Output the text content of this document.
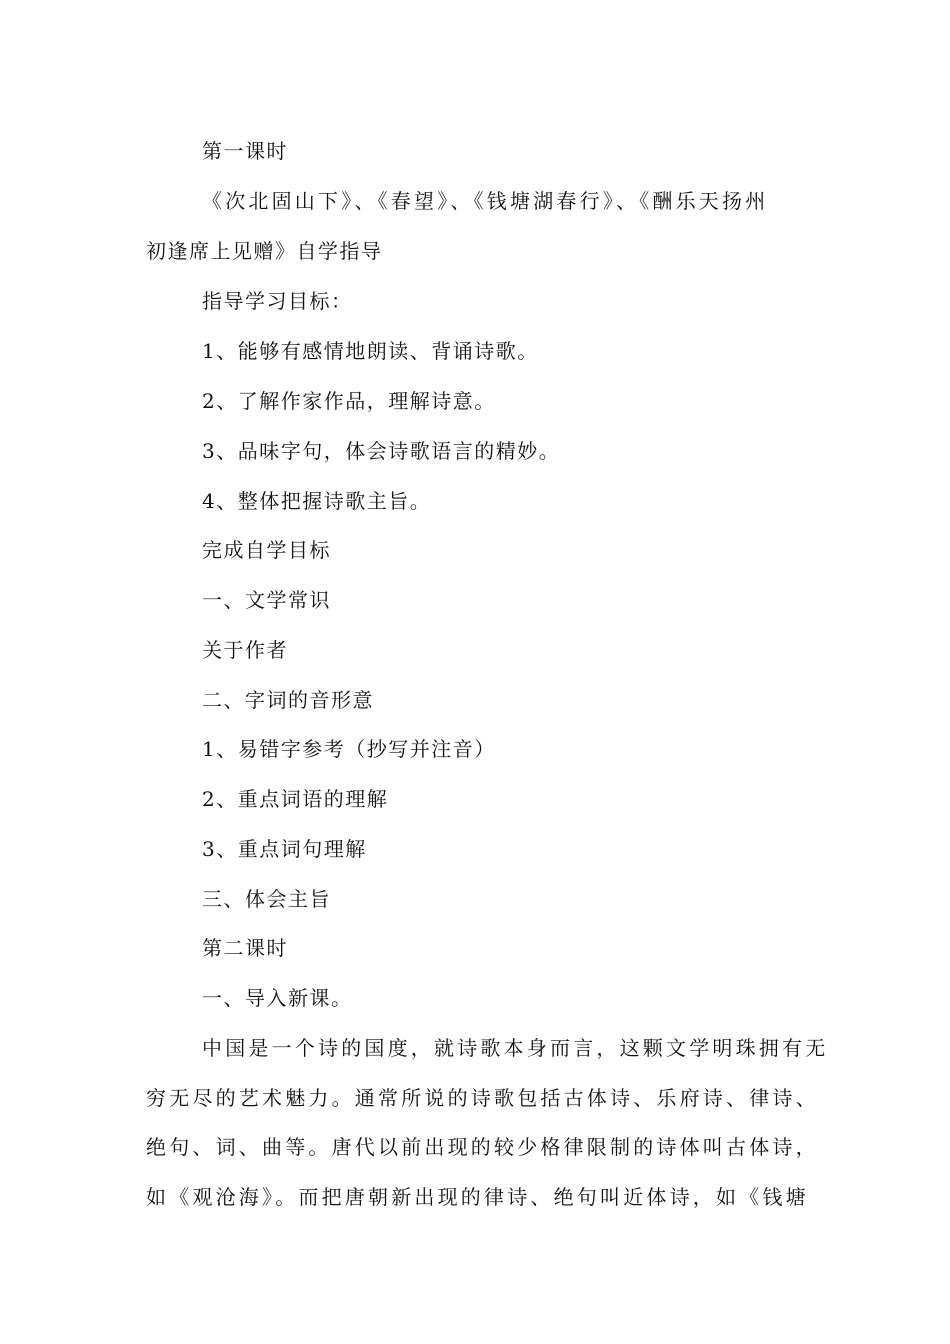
第一课时
《次北固山下》、《春望》、《钱塘湖春行》、《酬乐天扬州
初逢席上见赠》自学指导
指导学习目标：
1、能够有感情地朗读、背诵诗歌。
2、了解作家作品，理解诗意。
3、品味字句，体会诗歌语言的精妙。
4、整体把握诗歌主旨。
完成自学目标
一、文学常识
关于作者
二、字词的音形意
1、易错字参考（抄写并注音）
2、重点词语的理解
3、重点词句理解
三、体会主旨
第二课时
一、导入新课。
中国是一个诗的国度，就诗歌本身而言，这颗文学明珠拥有无
穷无尽的艺术魅力。通常所说的诗歌包括古体诗、乐府诗、律诗、
绝句、词、曲等。唐代以前出现的较少格律限制的诗体叫古体诗，
如《观沧海》。而把唐朝新出现的律诗、绝句叫近体诗，如《钱塘
